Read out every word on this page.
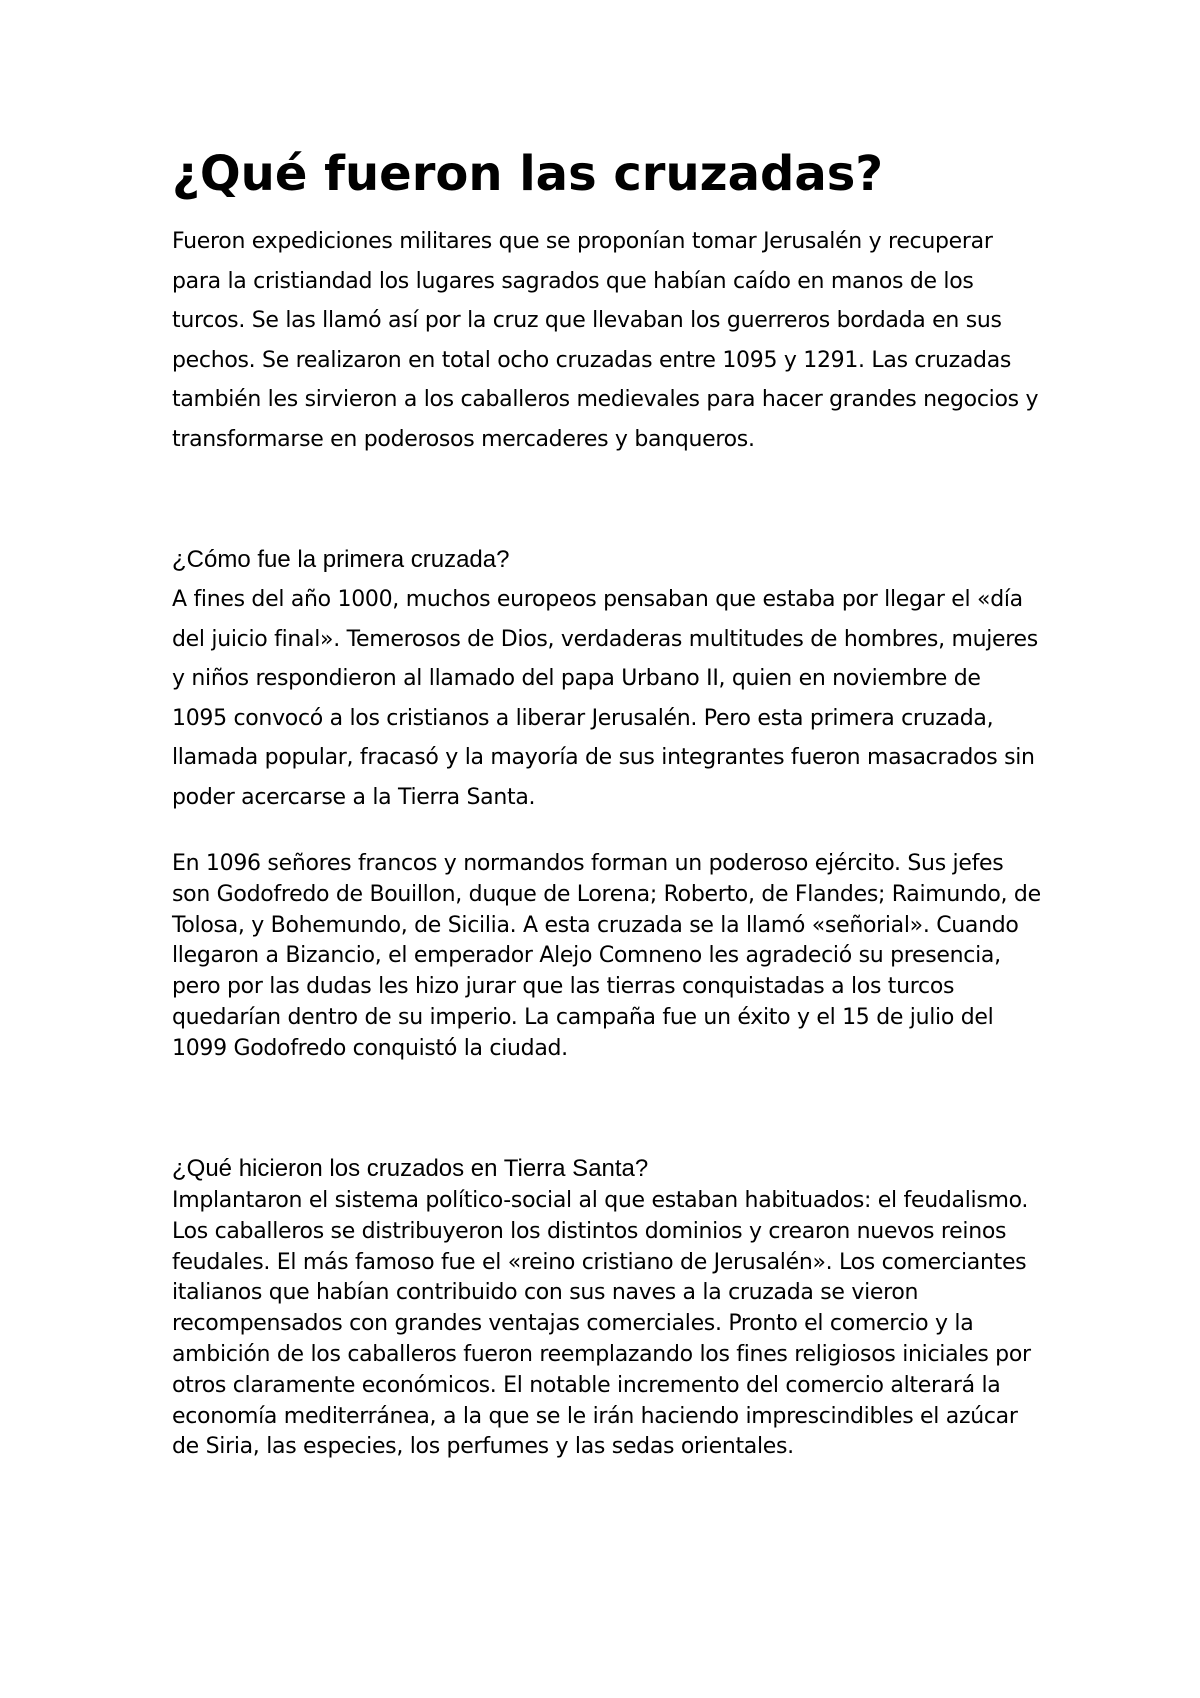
¿Qué fueron las cruzadas?

Fueron expediciones militares que se proponían tomar Jerusalén y recuperar para la cristiandad los lugares sagrados que habían caído en manos de los turcos. Se las llamó así por la cruz que llevaban los guerreros bordada en sus pechos. Se realizaron en total ocho cruzadas entre 1095 y 1291. Las cruzadas también les sirvieron a los caballeros medievales para hacer grandes negocios y transformarse en poderosos mercaderes y banqueros.

¿Cómo fue la primera cruzada?

A fines del año 1000, muchos europeos pensaban que estaba por llegar el «día del juicio final». Temerosos de Dios, verdaderas multitudes de hombres, mujeres y niños respondieron al llamado del papa Urbano II, quien en noviembre de 1095 convocó a los cristianos a liberar Jerusalén. Pero esta primera cruzada, llamada popular, fracasó y la mayoría de sus integrantes fueron masacrados sin poder acercarse a la Tierra Santa.

En 1096 señores francos y normandos forman un poderoso ejército. Sus jefes son Godofredo de Bouillon, duque de Lorena; Roberto, de Flandes; Raimundo, de Tolosa, y Bohemundo, de Sicilia. A esta cruzada se la llamó «señorial». Cuando llegaron a Bizancio, el emperador Alejo Comneno les agradeció su presencia, pero por las dudas les hizo jurar que las tierras conquistadas a los turcos quedarían dentro de su imperio. La campaña fue un éxito y el 15 de julio del 1099 Godofredo conquistó la ciudad.

¿Qué hicieron los cruzados en Tierra Santa?

Implantaron el sistema político-social al que estaban habituados: el feudalismo. Los caballeros se distribuyeron los distintos dominios y crearon nuevos reinos feudales. El más famoso fue el «reino cristiano de Jerusalén». Los comerciantes italianos que habían contribuido con sus naves a la cruzada se vieron recompensados con grandes ventajas comerciales. Pronto el comercio y la ambición de los caballeros fueron reemplazando los fines religiosos iniciales por otros claramente económicos. El notable incremento del comercio alterará la economía mediterránea, a la que se le irán haciendo imprescindibles el azúcar de Siria, las especies, los perfumes y las sedas orientales.
